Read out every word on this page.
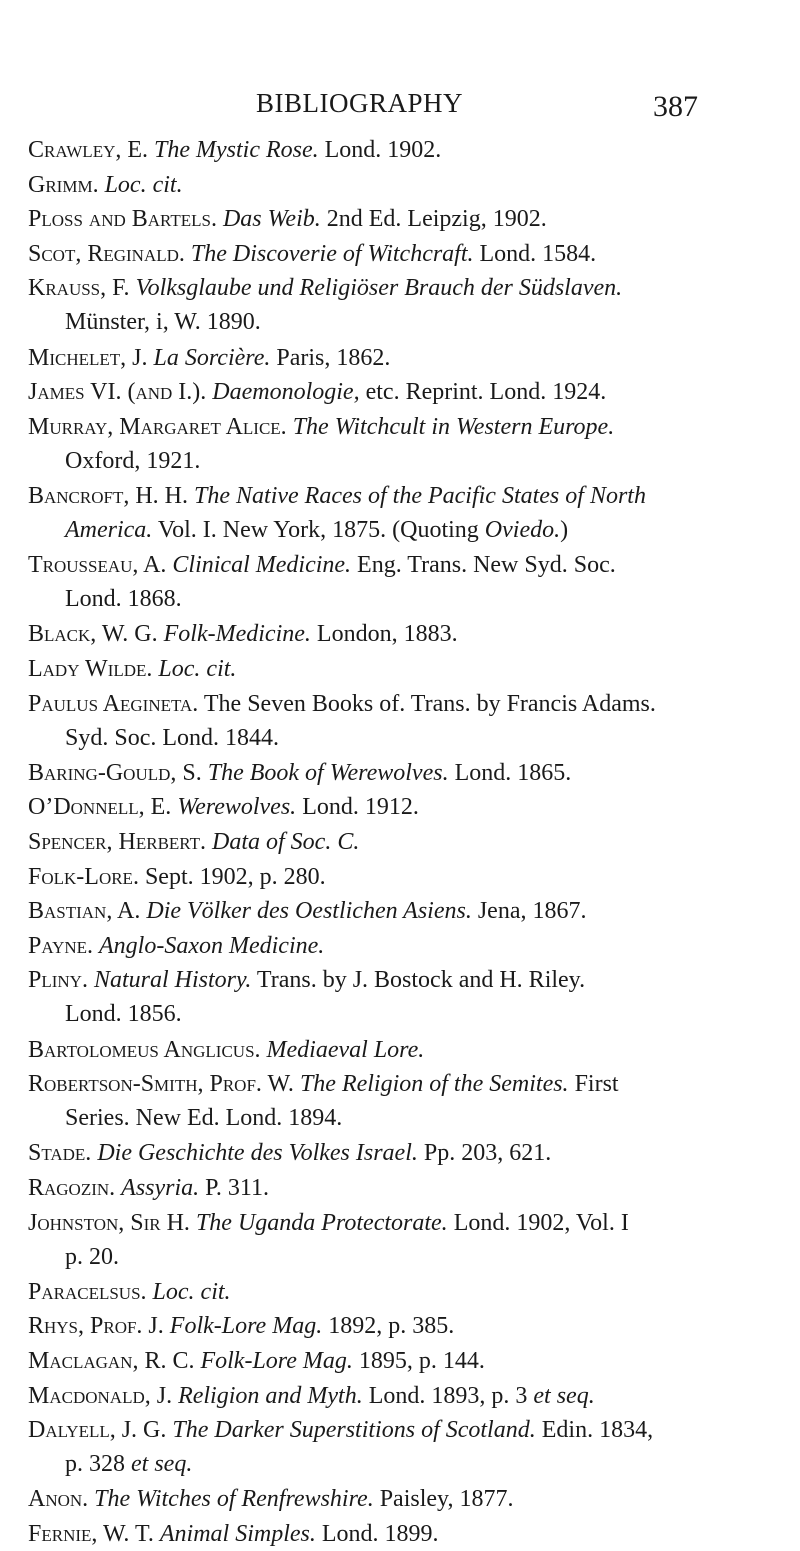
BIBLIOGRAPHY	387
Crawley, E. The Mystic Rose. Lond. 1902.
Grimm. Loc. cit.
Ploss and Bartels. Das Weib. 2nd Ed. Leipzig, 1902.
Scot, Reginald. The Discoverie of Witchcraft. Lond. 1584.
Krauss, F. Volksglaube und Religiöser Brauch der Südslaven.
Münster, i, W. 1890.
Michelet, J. La Sorcière. Paris, 1862.
James VI. (and I.). Daemonologie, etc. Reprint. Lond. 1924.
Murray, Margaret Alice. The Witchcult in Western Europe.
Oxford, 1921.
Bancroft, H. H. The Native Races of the Pacific States of North
America. Vol. I. New York, 1875. (Quoting Oviedo.)
Trousseau, A. Clinical Medicine. Eng. Trans. New Syd. Soc.
Lond. 1868.
Black, W. G. Folk-Medicine. London, 1883.
Lady Wilde. Loc. cit.
Paulus Aegineta. The Seven Books of. Trans. by Francis Adams.
Syd. Soc. Lond. 1844.
Baring-Gould, S. The Book of Werewolves. Lond. 1865.
O’Donnell, E. Werewolves. Lond. 1912.
Spencer, Herbert. Data of Soc. C.
Folk-Lore. Sept. 1902, p. 280.
Bastian, A. Die Völker des Oestlichen Asiens. Jena, 1867.
Payne. Anglo-Saxon Medicine.
Pliny. Natural History. Trans. by J. Bostock and H. Riley.
Lond. 1856.
Bartolomeus Anglicus. Mediaeval Lore.
Robertson-Smith, Prof. W. The Religion of the Semites. First
Series. New Ed. Lond. 1894.
Stade. Die Geschichte des Volkes Israel. Pp. 203, 621.
Ragozin. Assyria. P. 311.
Johnston, Sir H. The Uganda Protectorate. Lond. 1902, Vol. I
p. 20.
Paracelsus. Loc. cit.
Rhys, Prof. J. Folk-Lore Mag. 1892, p. 385.
Maclagan, R. C. Folk-Lore Mag. 1895, p. 144.
Macdonald, J. Religion and Myth. Lond. 1893, p. 3 et seq.
Dalyell, J. G. The Darker Superstitions of Scotland. Edin. 1834,
p. 328 et seq.
Anon. The Witches of Renfrewshire. Paisley, 1877.
Fernie, W. T. Animal Simples. Lond. 1899.
